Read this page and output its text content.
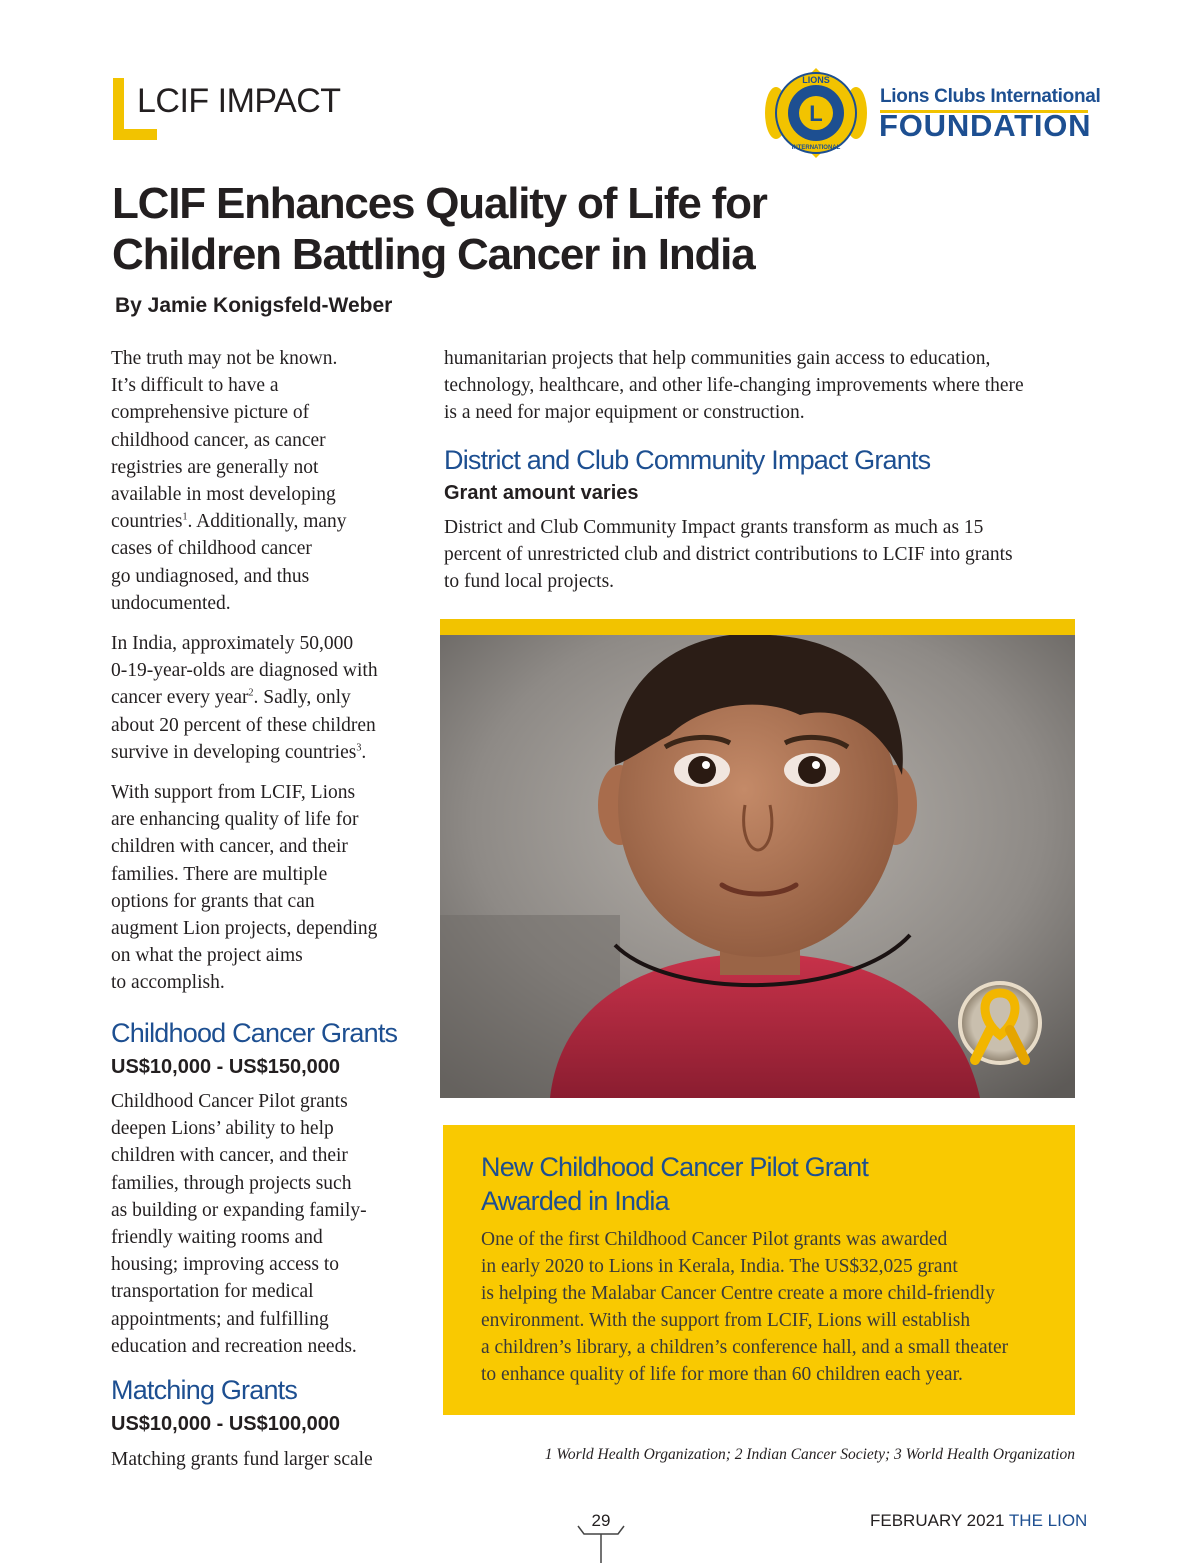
LCIF IMPACT	L
LIONS
INTERNATIONAL
Lions Clubs International
FOUNDATION
LCIF Enhances Quality of Life for
Children Battling Cancer in India
By Jamie Konigsfeld-Weber

The truth may not be known.
It’s difficult to have a
comprehensive picture of
childhood cancer, as cancer
registries are generally not
available in most developing
countries$^1$. Additionally, many
cases of childhood cancer
go undiagnosed, and thus
undocumented.

In India, approximately 50,000
0-19-year-olds are diagnosed with
cancer every year$^2$. Sadly, only
about 20 percent of these children
survive in developing countries$^3$.

With support from LCIF, Lions
are enhancing quality of life for
children with cancer, and their
families. There are multiple
options for grants that can
augment Lion projects, depending
on what the project aims
to accomplish.

Childhood Cancer Grants
US$10,000 - US$150,000
Childhood Cancer Pilot grants
deepen Lions’ ability to help
children with cancer, and their
families, through projects such
as building or expanding family-
friendly waiting rooms and
housing; improving access to
transportation for medical
appointments; and fulfilling
education and recreation needs.
Matching Grants
US$10,000 - US$100,000
Matching grants fund larger scale
humanitarian projects that help communities gain access to education,
technology, healthcare, and other life-changing improvements where there
is a need for major equipment or construction.
District and Club Community Impact Grants
Grant amount varies
District and Club Community Impact grants transform as much as 15
percent of unrestricted club and district contributions to LCIF into grants
to fund local projects.
New Childhood Cancer Pilot Grant
Awarded in India
One of the first Childhood Cancer Pilot grants was awarded
in early 2020 to Lions in Kerala, India. The US$32,025 grant
is helping the Malabar Cancer Centre create a more child-friendly
environment. With the support from LCIF, Lions will establish
a children’s library, a children’s conference hall, and a small theater
to enhance quality of life for more than 60 children each year.
1 World Health Organization; 2 Indian Cancer Society; 3 World Health Organization
29	FEBRUARY 2021 THE LION
